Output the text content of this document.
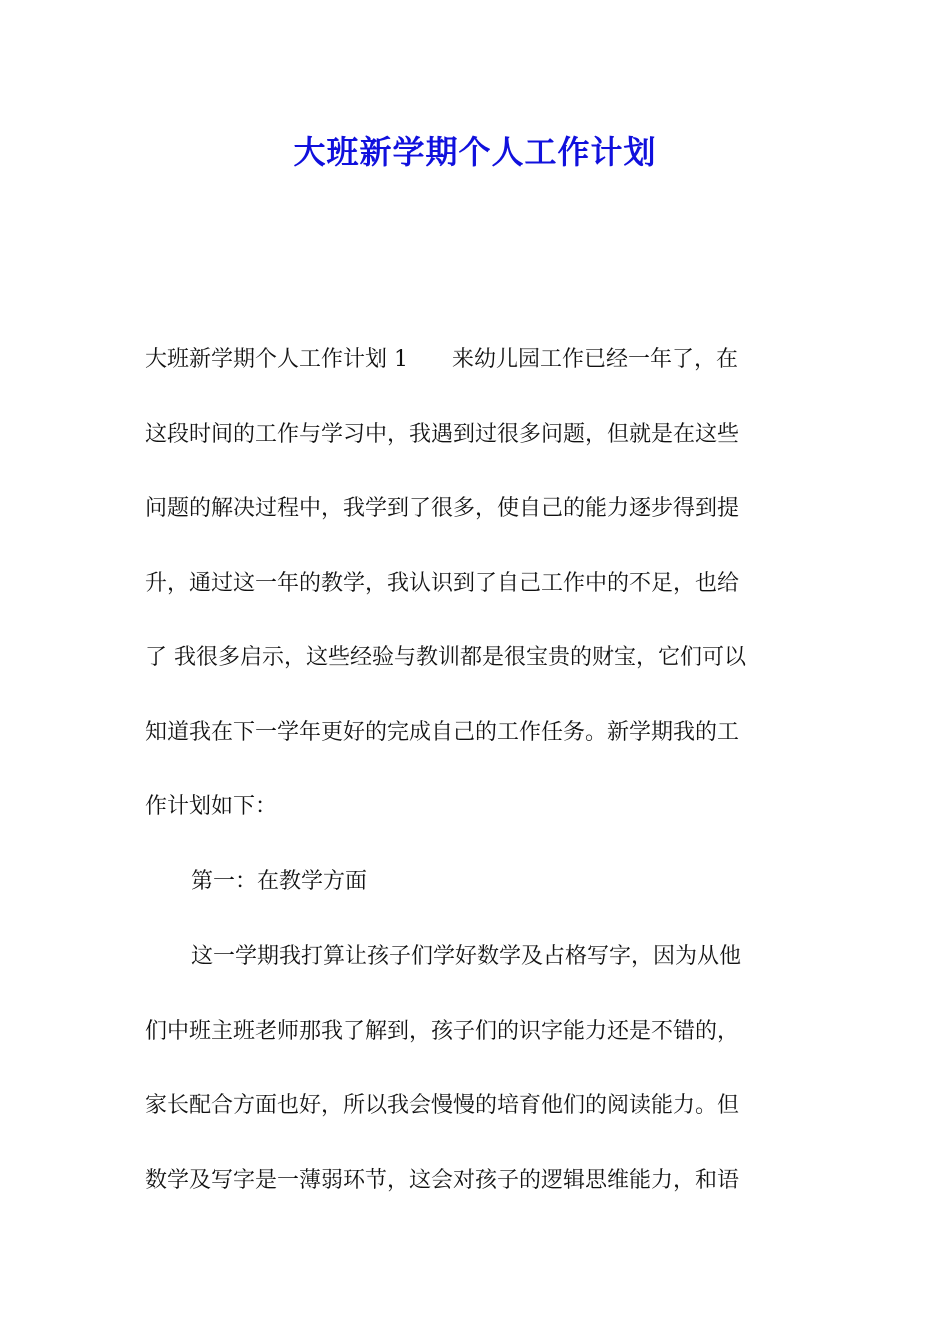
大班新学期个人工作计划
大班新学期个人工作计划 1　　来幼儿园工作已经一年了，在
这段时间的工作与学习中，我遇到过很多问题，但就是在这些
问题的解决过程中，我学到了很多，使自己的能力逐步得到提
升，通过这一年的教学，我认识到了自己工作中的不足，也给
了 我很多启示，这些经验与教训都是很宝贵的财宝，它们可以
知道我在下一学年更好的完成自己的工作任务。新学期我的工
作计划如下：
第一：在教学方面
这一学期我打算让孩子们学好数学及占格写字，因为从他
们中班主班老师那我了解到，孩子们的识字能力还是不错的，
家长配合方面也好，所以我会慢慢的培育他们的阅读能力。但
数学及写字是一薄弱环节，这会对孩子的逻辑思维能力，和语
